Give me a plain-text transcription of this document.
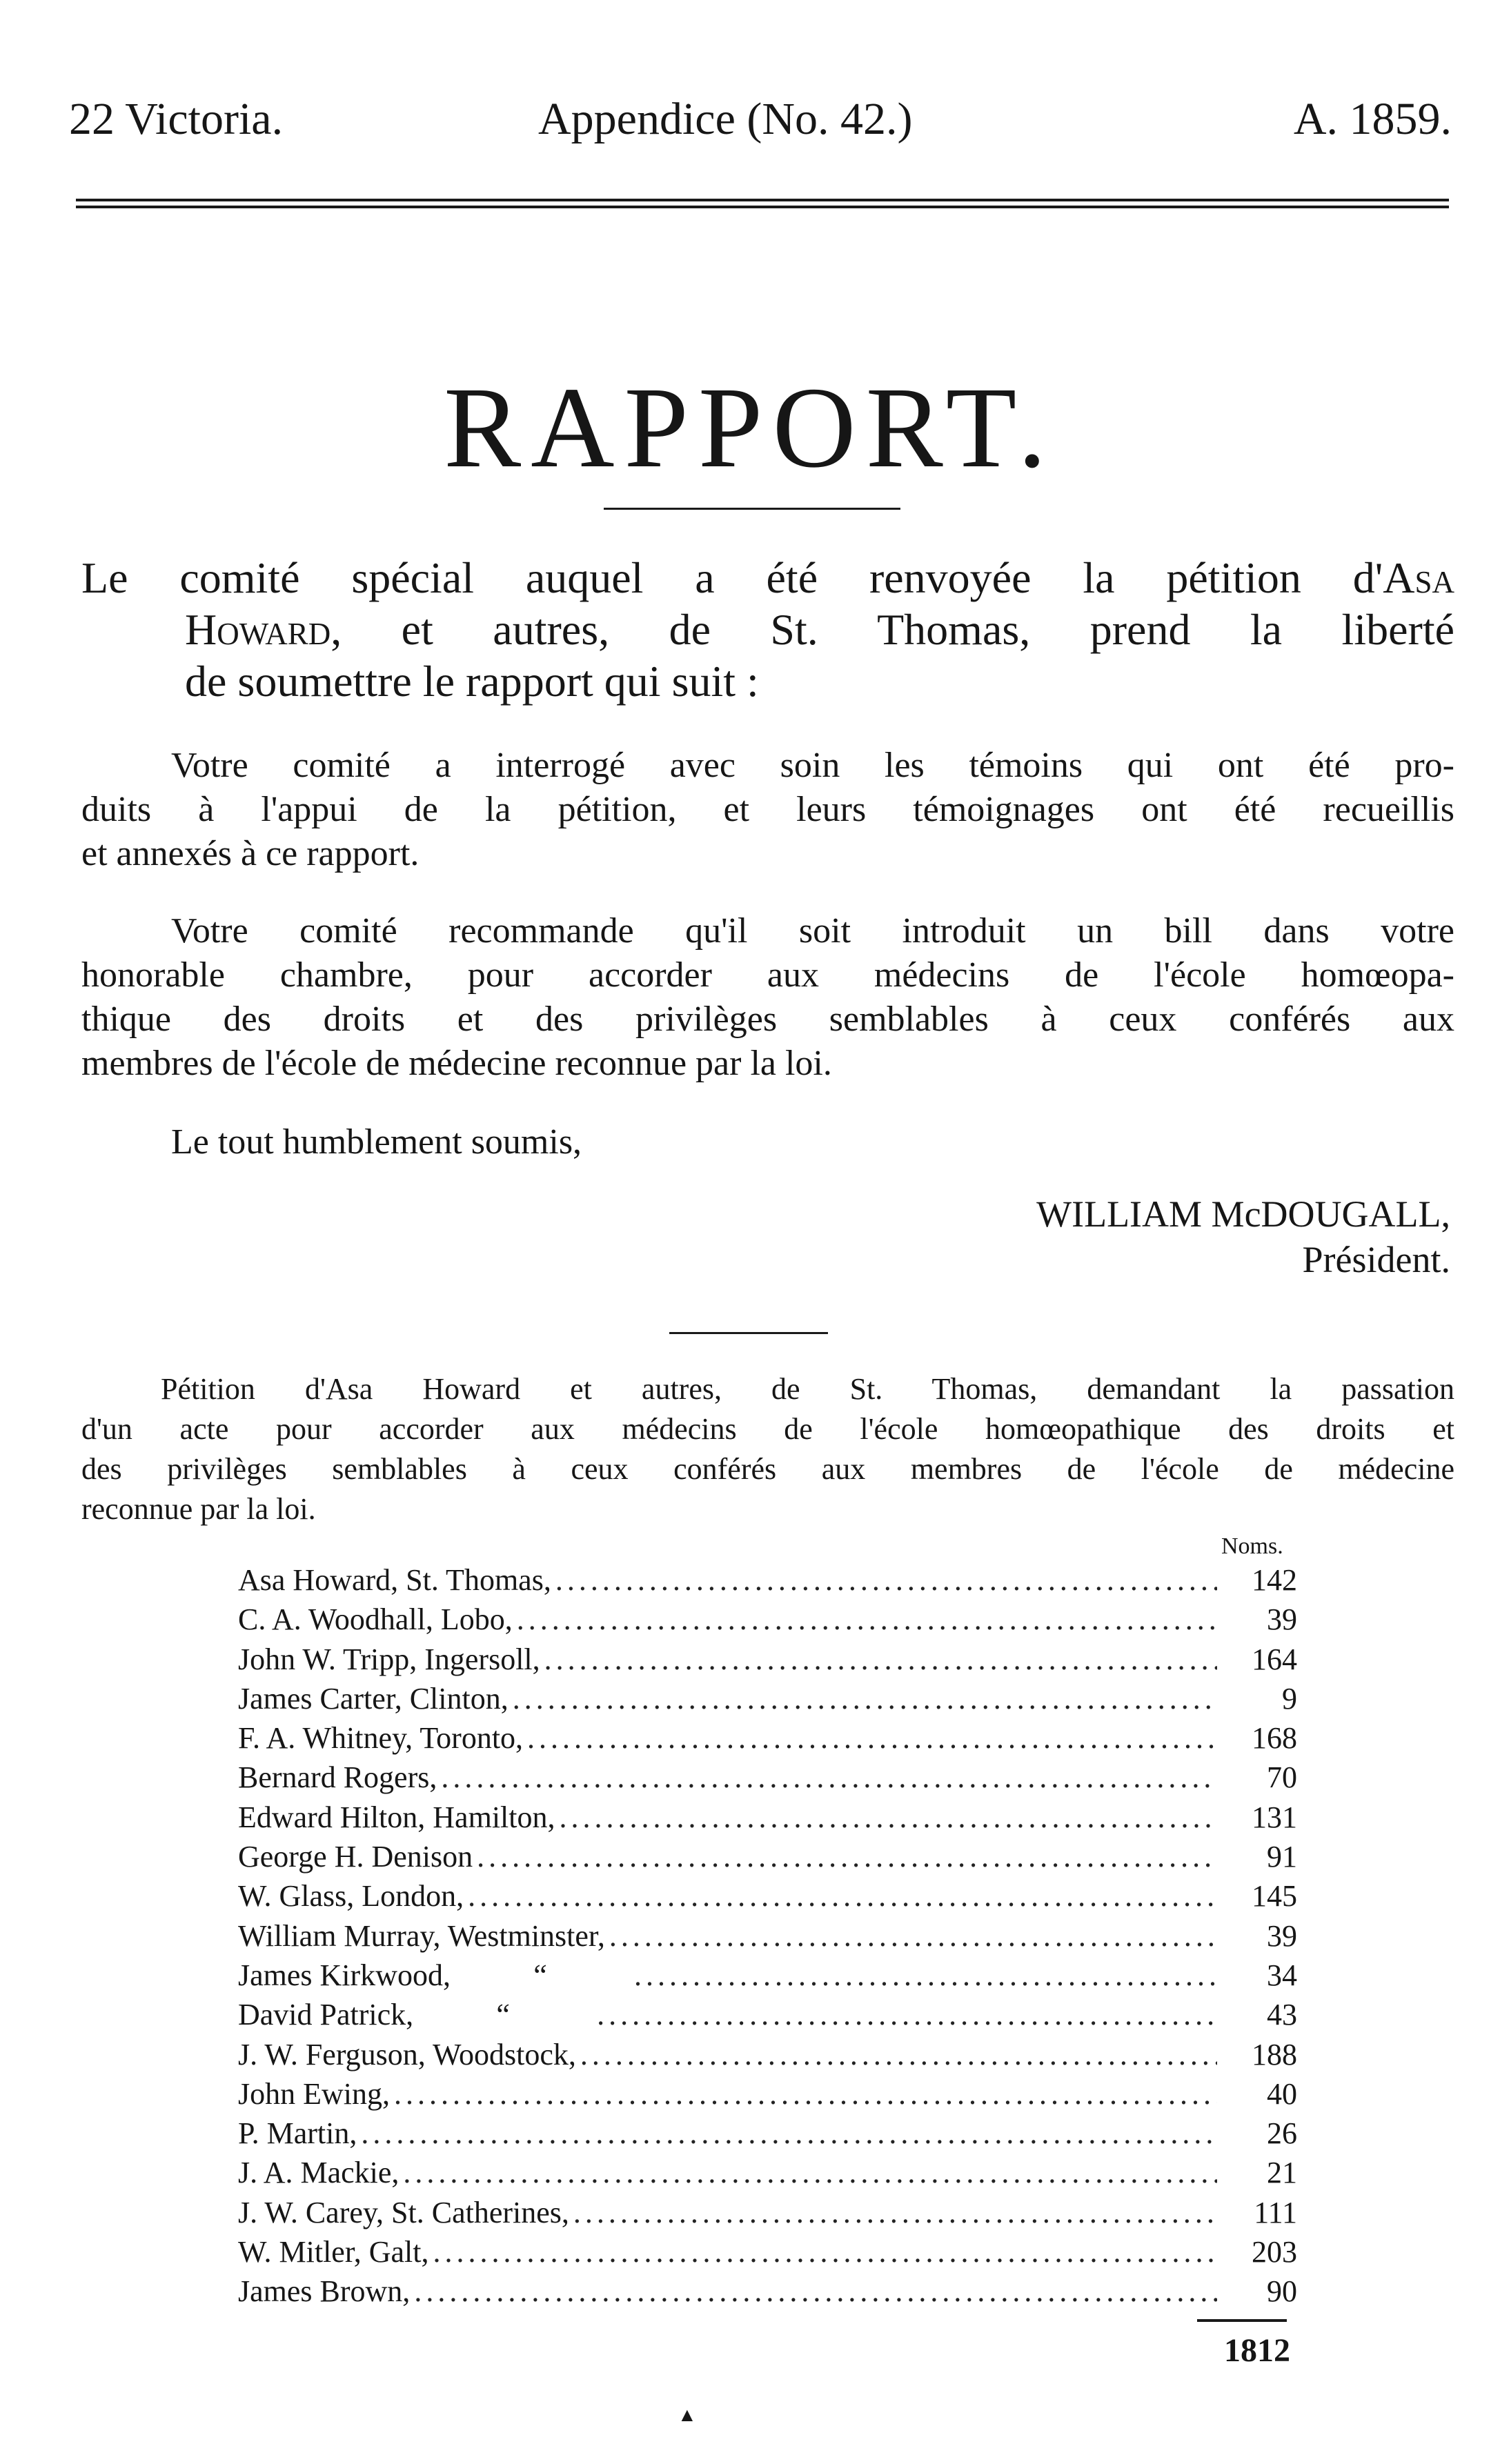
22 Victoria.	Appendice (No. 42.)	A. 1859.
RAPPORT.
Le comité spécial auquel a été renvoyée la pétition d'Asa
Howard, et autres, de St. Thomas, prend la liberté
de soumettre le rapport qui suit :
Votre comité a interrogé avec soin les témoins qui ont été pro-
duits à l'appui de la pétition, et leurs témoignages ont été recueillis
et annexés à ce rapport.
Votre comité recommande qu'il soit introduit un bill dans votre
honorable chambre, pour accorder aux médecins de l'école homœopa-
thique des droits et des privilèges semblables à ceux conférés aux
membres de l'école de médecine reconnue par la loi.
Le tout humblement soumis,
WILLIAM McDOUGALL,
Président.
Pétition d'Asa Howard et autres, de St. Thomas, demandant la passation
d'un acte pour accorder aux médecins de l'école homœopathique des droits et
des privilèges semblables à ceux conférés aux membres de l'école de médecine
reconnue par la loi.
Noms.
Asa Howard, St. Thomas, .....	142
C. A. Woodhall, Lobo, .....	39
John W. Tripp, Ingersoll, .....	164
James Carter, Clinton, .....	9
F. A. Whitney, Toronto, .....	168
Bernard Rogers, .....	70
Edward Hilton, Hamilton, .....	131
George H. Denison .....	91
W. Glass, London, .....	145
William Murray, Westminster, .....	39
James Kirkwood,	“ .....	34
David Patrick,	“ .....	43
J. W. Ferguson, Woodstock, .....	188
John Ewing, .....	40
P. Martin, .....	26
J. A. Mackie, .....	21
J. W. Carey, St. Catherines, .....	111
W. Mitler, Galt, .....	203
James Brown, .....	90
1812
▲
